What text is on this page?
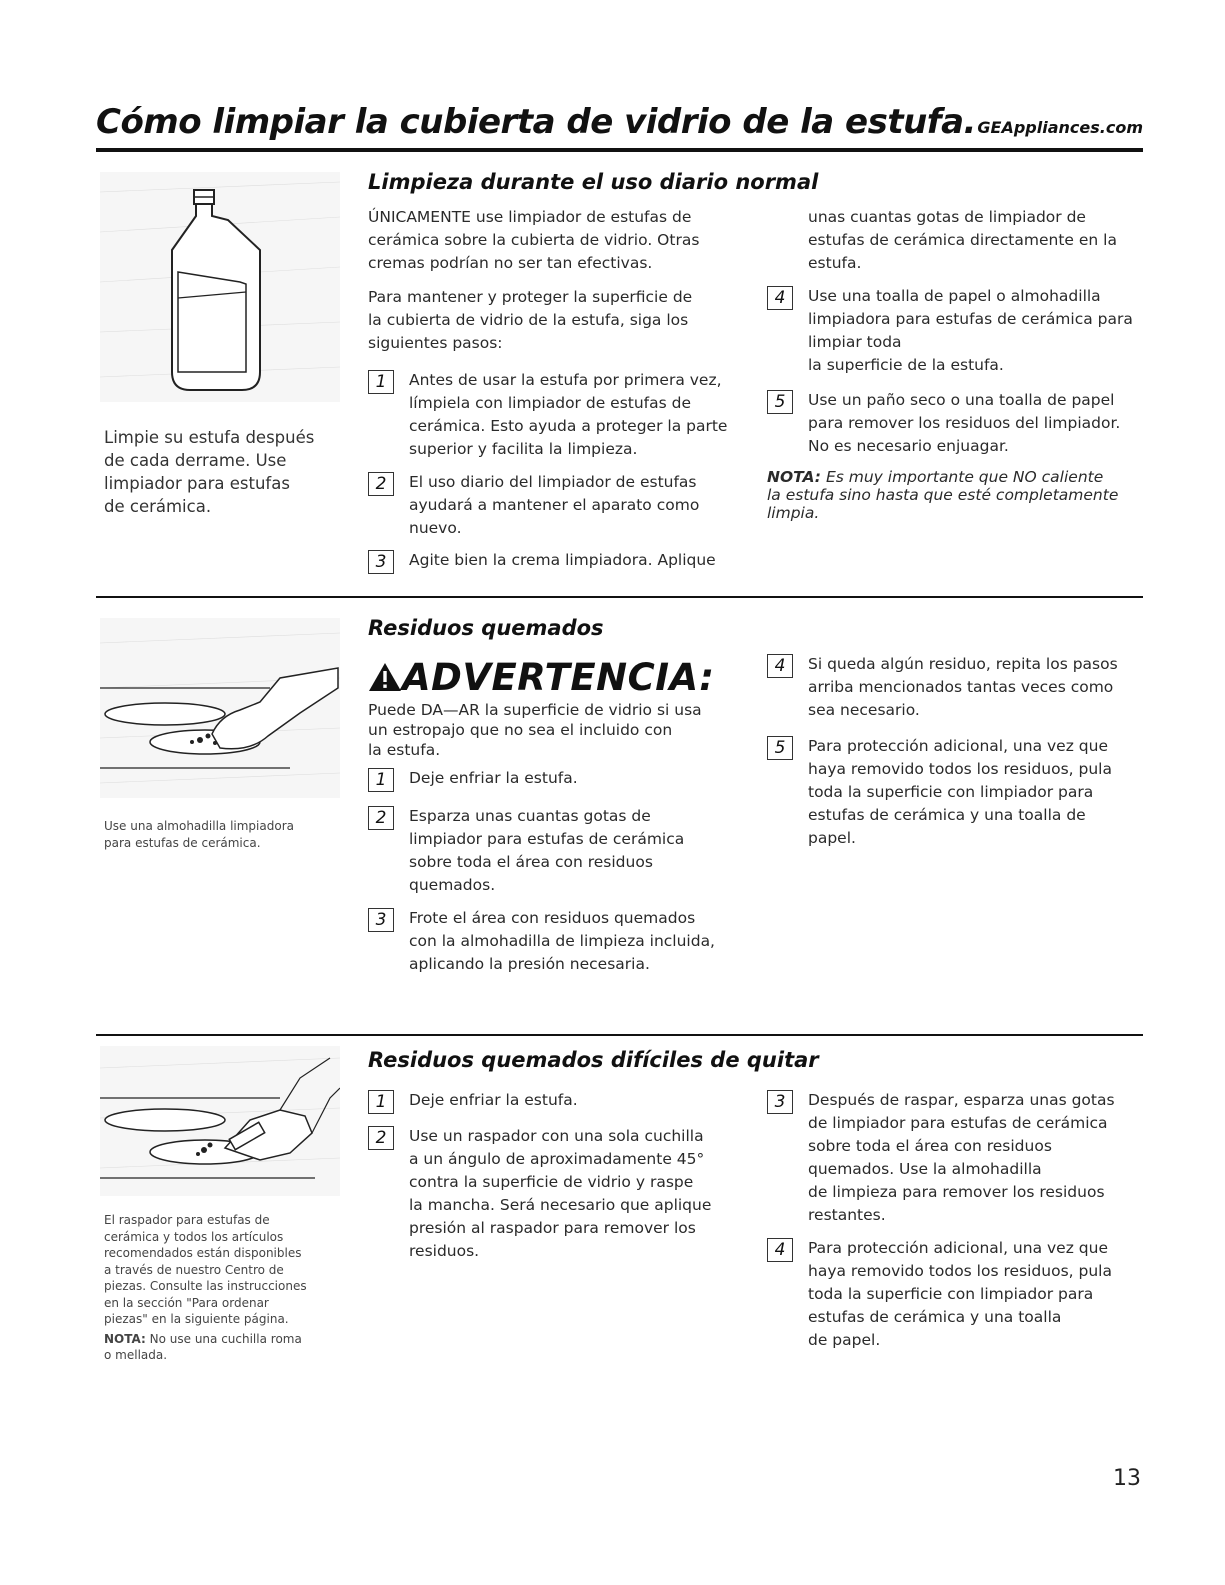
Cómo limpiar la cubierta de vidrio de la estufa. GEAppliances.com
Limpie su estufa después
de cada derrame. Use
limpiador para estufas
de cerámica.
Limpieza durante el uso diario normal
ÚNICAMENTE use limpiador de estufas de
cerámica sobre la cubierta de vidrio. Otras
cremas podrían no ser tan efectivas.
Para mantener y proteger la superficie de
la cubierta de vidrio de la estufa, siga los
siguientes pasos:
1	Antes de usar la estufa por primera vez,
límpiela con limpiador de estufas de
cerámica. Esto ayuda a proteger la parte
superior y facilita la limpieza.
2	El uso diario del limpiador de estufas
ayudará a mantener el aparato como
nuevo.
3	Agite bien la crema limpiadora. Aplique
unas cuantas gotas de limpiador de
estufas de cerámica directamente en la
estufa.
4	Use una toalla de papel o almohadilla
limpiadora para estufas de cerámica para
limpiar toda
la superficie de la estufa.
5	Use un paño seco o una toalla de papel
para remover los residuos del limpiador.
No es necesario enjuagar.
NOTA: Es muy importante que NO caliente
la estufa sino hasta que esté completamente
limpia.
Use una almohadilla limpiadora
para estufas de cerámica.
Residuos quemados
ADVERTENCIA:
Puede DA—AR la superficie de vidrio si usa
un estropajo que no sea el incluido con
la estufa.
1	Deje enfriar la estufa.
2	Esparza unas cuantas gotas de
limpiador para estufas de cerámica
sobre toda el área con residuos
quemados.
3	Frote el área con residuos quemados
con la almohadilla de limpieza incluida,
aplicando la presión necesaria.
4	Si queda algún residuo, repita los pasos
arriba mencionados tantas veces como
sea necesario.
5	Para protección adicional, una vez que
haya removido todos los residuos, pula
toda la superficie con limpiador para
estufas de cerámica y una toalla de
papel.
El raspador para estufas de
cerámica y todos los artículos
recomendados están disponibles
a través de nuestro Centro de
piezas. Consulte las instrucciones
en la sección "Para ordenar
piezas" en la siguiente página.
NOTA: No use una cuchilla roma
o mellada.
Residuos quemados difíciles de quitar
1	Deje enfriar la estufa.
2	Use un raspador con una sola cuchilla
a un ángulo de aproximadamente 45°
contra la superficie de vidrio y raspe
la mancha. Será necesario que aplique
presión al raspador para remover los
residuos.
3	Después de raspar, esparza unas gotas
de limpiador para estufas de cerámica
sobre toda el área con residuos
quemados. Use la almohadilla
de limpieza para remover los residuos
restantes.
4	Para protección adicional, una vez que
haya removido todos los residuos, pula
toda la superficie con limpiador para
estufas de cerámica y una toalla
de papel.
13
